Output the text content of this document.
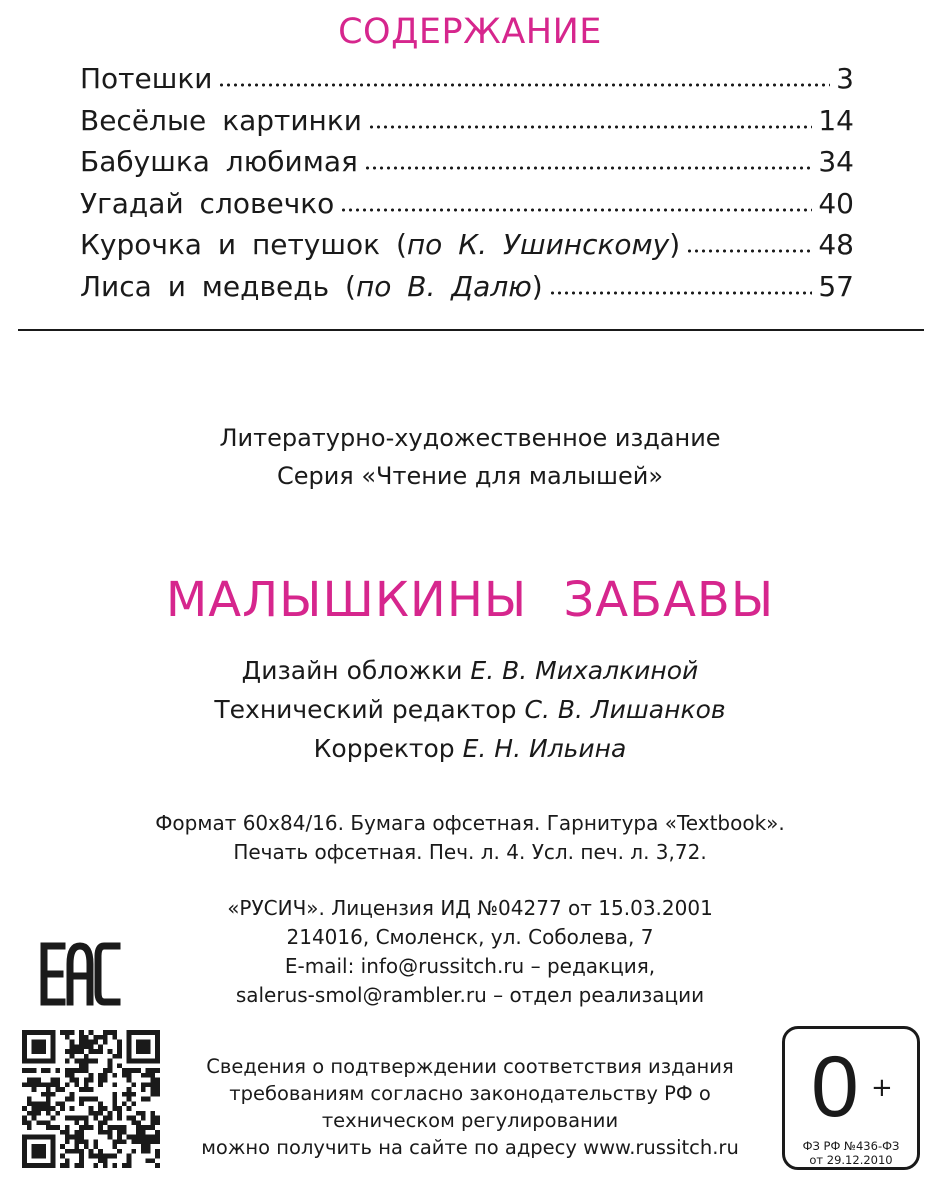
СОДЕРЖАНИЕ
Потешки	3
Весёлые картинки	14
Бабушка любимая	34
Угадай словечко	40
Курочка и петушок (по К. Ушинскому)	48
Лиса и медведь (по В. Далю)	57
Литературно-художественное издание
Серия «Чтение для малышей»
МАЛЫШКИНЫ ЗАБАВЫ
Дизайн обложки Е. В. Михалкиной
Технический редактор С. В. Лишанков
Корректор Е. Н. Ильина
Формат 60x84/16. Бумага офсетная. Гарнитура «Textbook».
Печать офсетная. Печ. л. 4. Усл. печ. л. 3,72.
«РУСИЧ». Лицензия ИД №04277 от 15.03.2001
214016, Смоленск, ул. Соболева, 7
E-mail: info@russitch.ru – редакция,
salerus-smol@rambler.ru – отдел реализации
Сведения о подтверждении соответствия издания
требованиям согласно законодательству РФ о
техническом регулировании
можно получить на сайте по адресу www.russitch.ru
0 +
ФЗ РФ №436-ФЗ
от 29.12.2010
